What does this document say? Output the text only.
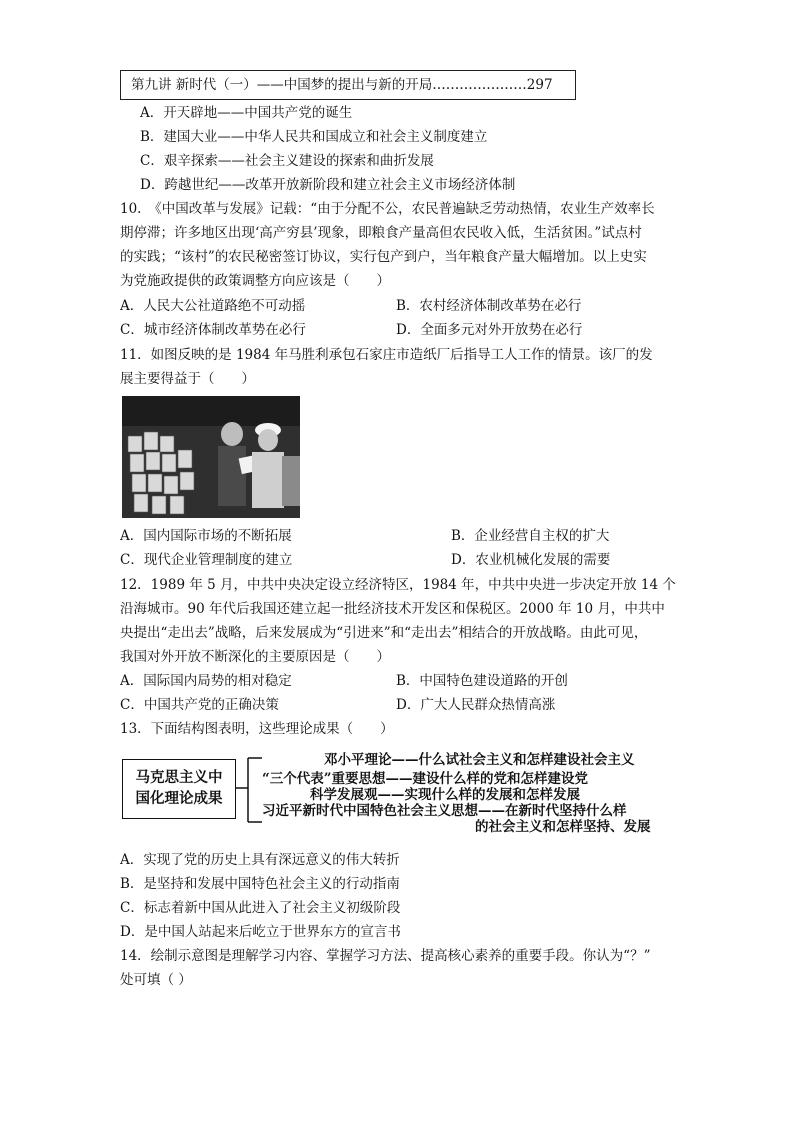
第九讲 新时代（一）——中国梦的提出与新的开局…………………297
A．开天辟地——中国共产党的诞生
B．建国大业——中华人民共和国成立和社会主义制度建立
C．艰辛探索——社会主义建设的探索和曲折发展
D．跨越世纪——改革开放新阶段和建立社会主义市场经济体制
10.　《中国改革与发展》记载：“由于分配不公，农民普遍缺乏劳动热情，农业生产效率长
期停滞；许多地区出现‘高产穷县’现象，即粮食产量高但农民收入低，生活贫困。”试点村
的实践；“该村”的农民秘密签订协议，实行包产到户，当年粮食产量大幅增加。以上史实
为党施政提供的政策调整方向应该是（　　）
A．人民大公社道路绝不可动摇	B．农村经济体制改革势在必行
C．城市经济体制改革势在必行	D．全面多元对外开放势在必行
11．如图反映的是 1984 年马胜利承包石家庄市造纸厂后指导工人工作的情景。该厂的发
展主要得益于（　　）
A．国内国际市场的不断拓展	B．企业经营自主权的扩大
C．现代企业管理制度的建立	D．农业机械化发展的需要
12．1989 年 5 月，中共中央决定设立经济特区，1984 年，中共中央进一步决定开放 14 个
沿海城市。90 年代后我国还建立起一批经济技术开发区和保税区。2000 年 10 月，中共中
央提出“走出去”战略，后来发展成为“引进来”和“走出去”相结合的开放战略。由此可见，
我国对外开放不断深化的主要原因是（　　）
A．国际国内局势的相对稳定	B．中国特色建设道路的开创
C．中国共产党的正确决策	D．广大人民群众热情高涨
13．下面结构图表明，这些理论成果（　　）
马克思主义中
国化理论成果
邓小平理论——什么试社会主义和怎样建设社会主义
“三个代表”重要思想——建设什么样的党和怎样建设党
科学发展观——实现什么样的发展和怎样发展
习近平新时代中国特色社会主义思想——在新时代坚持什么样
的社会主义和怎样坚持、发展
A．实现了党的历史上具有深远意义的伟大转折
B．是坚持和发展中国特色社会主义的行动指南
C．标志着新中国从此进入了社会主义初级阶段
D．是中国人站起来后屹立于世界东方的宣言书
14．绘制示意图是理解学习内容、掌握学习方法、提高核心素养的重要手段。你认为“？”
处可填（ ）
